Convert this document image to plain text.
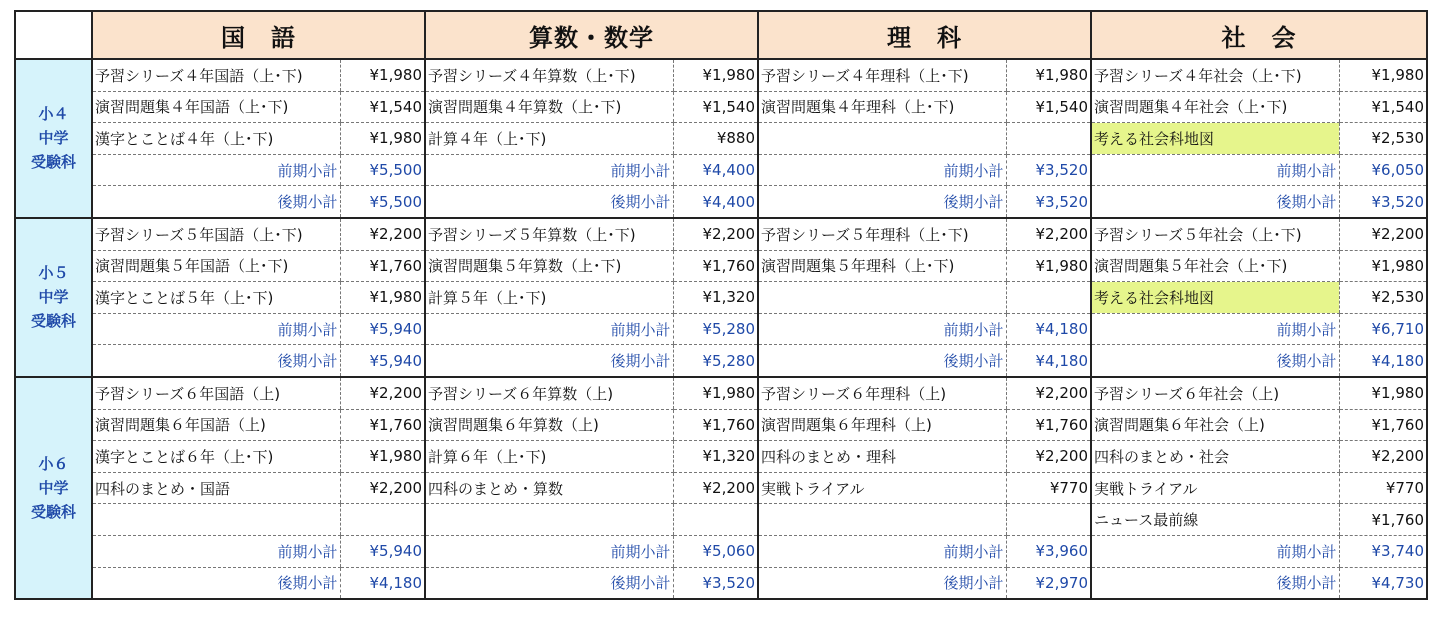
	国　語		算数・数学		理　科		社　会	
小４
中学
受験科	予習シリーズ４年国語（上･下)	¥1,980	予習シリーズ４年算数（上･下)	¥1,980	予習シリーズ４年理科（上･下)	¥1,980	予習シリーズ４年社会（上･下)	¥1,980
	演習問題集４年国語（上･下)	¥1,540	演習問題集４年算数（上･下)	¥1,540	演習問題集４年理科（上･下)	¥1,540	演習問題集４年社会（上･下)	¥1,540
	漢字とことば４年（上･下)	¥1,980	計算４年（上･下)	¥880			考える社会科地図	¥2,530
	前期小計	¥5,500	前期小計	¥4,400	前期小計	¥3,520	前期小計	¥6,050
	後期小計	¥5,500	後期小計	¥4,400	後期小計	¥3,520	後期小計	¥3,520
小５
中学
受験科	予習シリーズ５年国語（上･下)	¥2,200	予習シリーズ５年算数（上･下)	¥2,200	予習シリーズ５年理科（上･下)	¥2,200	予習シリーズ５年社会（上･下)	¥2,200
	演習問題集５年国語（上･下)	¥1,760	演習問題集５年算数（上･下)	¥1,760	演習問題集５年理科（上･下)	¥1,980	演習問題集５年社会（上･下)	¥1,980
	漢字とことば５年（上･下)	¥1,980	計算５年（上･下)	¥1,320			考える社会科地図	¥2,530
	前期小計	¥5,940	前期小計	¥5,280	前期小計	¥4,180	前期小計	¥6,710
	後期小計	¥5,940	後期小計	¥5,280	後期小計	¥4,180	後期小計	¥4,180
小６
中学
受験科	予習シリーズ６年国語（上)	¥2,200	予習シリーズ６年算数（上)	¥1,980	予習シリーズ６年理科（上)	¥2,200	予習シリーズ６年社会（上)	¥1,980
	演習問題集６年国語（上)	¥1,760	演習問題集６年算数（上)	¥1,760	演習問題集６年理科（上)	¥1,760	演習問題集６年社会（上)	¥1,760
	漢字とことば６年（上･下)	¥1,980	計算６年（上･下)	¥1,320	四科のまとめ・理科	¥2,200	四科のまとめ・社会	¥2,200
	四科のまとめ・国語	¥2,200	四科のまとめ・算数	¥2,200	実戦トライアル	¥770	実戦トライアル	¥770
							ニュース最前線	¥1,760
	前期小計	¥5,940	前期小計	¥5,060	前期小計	¥3,960	前期小計	¥3,740
	後期小計	¥4,180	後期小計	¥3,520	後期小計	¥2,970	後期小計	¥4,730
